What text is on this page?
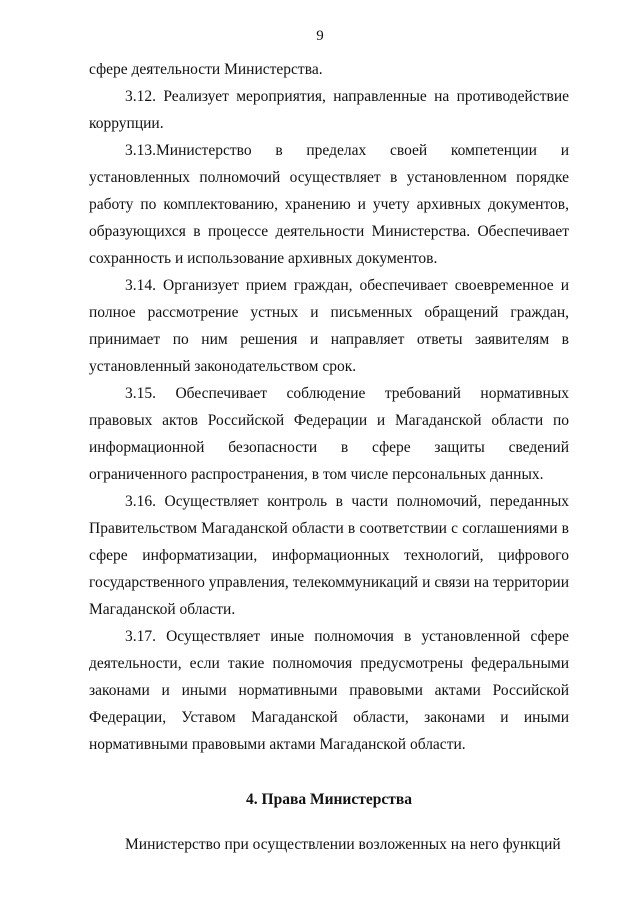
9

сфере деятельности Министерства.

3.12. Реализует мероприятия, направленные на противодействие коррупции.

3.13.Министерство в пределах своей компетенции и установленных полномочий осуществляет в установленном порядке работу по комплектованию, хранению и учету архивных документов, образующихся в процессе деятельности Министерства. Обеспечивает сохранность и использование архивных документов.

3.14. Организует прием граждан, обеспечивает своевременное и полное рассмотрение устных и письменных обращений граждан, принимает по ним решения и направляет ответы заявителям в установленный законодательством срок.

3.15. Обеспечивает соблюдение требований нормативных правовых актов Российской Федерации и Магаданской области по информационной безопасности в сфере защиты сведений ограниченного распространения, в том числе персональных данных.

3.16. Осуществляет контроль в части полномочий, переданных Правительством Магаданской области в соответствии с соглашениями в сфере информатизации, информационных технологий, цифрового государственного управления, телекоммуникаций и связи на территории Магаданской области.

3.17. Осуществляет иные полномочия в установленной сфере деятельности, если такие полномочия предусмотрены федеральными законами и иными нормативными правовыми актами Российской Федерации, Уставом Магаданской области, законами и иными нормативными правовыми актами Магаданской области.

4. Права Министерства

Министерство при осуществлении возложенных на него функций
